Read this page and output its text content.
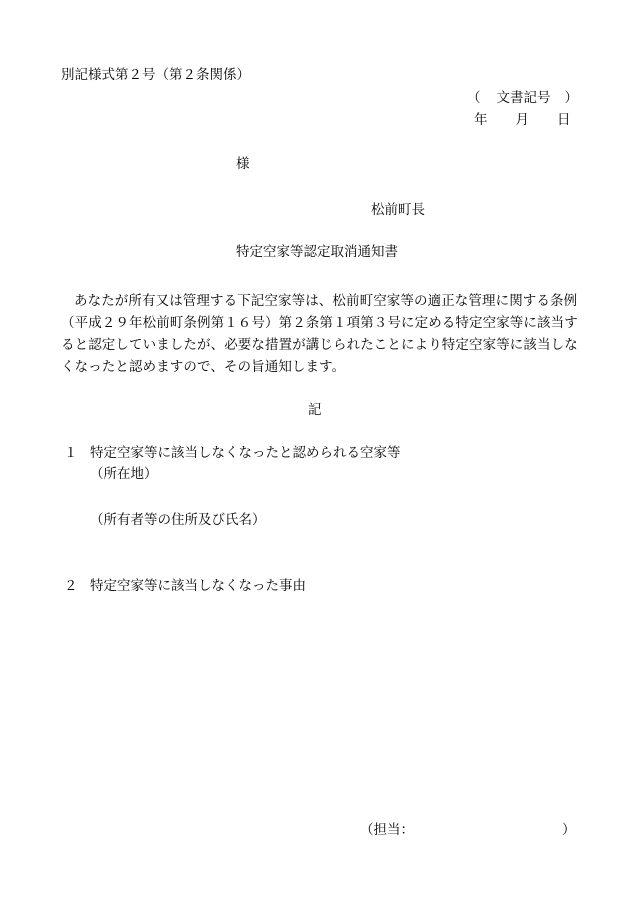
別記様式第２号（第２条関係）
（ 文書記号 ）
年 月 日
様
松前町長
特定空家等認定取消通知書
あなたが所有又は管理する下記空家等は、松前町空家等の適正な管理に関する条例（平成２９年松前町条例第１６号）第２条第１項第３号に定める特定空家等に該当すると認定していましたが、必要な措置が講じられたことにより特定空家等に該当しなくなったと認めますので、その旨通知します。
記
１ 特定空家等に該当しなくなったと認められる空家等
（所在地）
（所有者等の住所及び氏名）
２ 特定空家等に該当しなくなった事由
（担当：	）
